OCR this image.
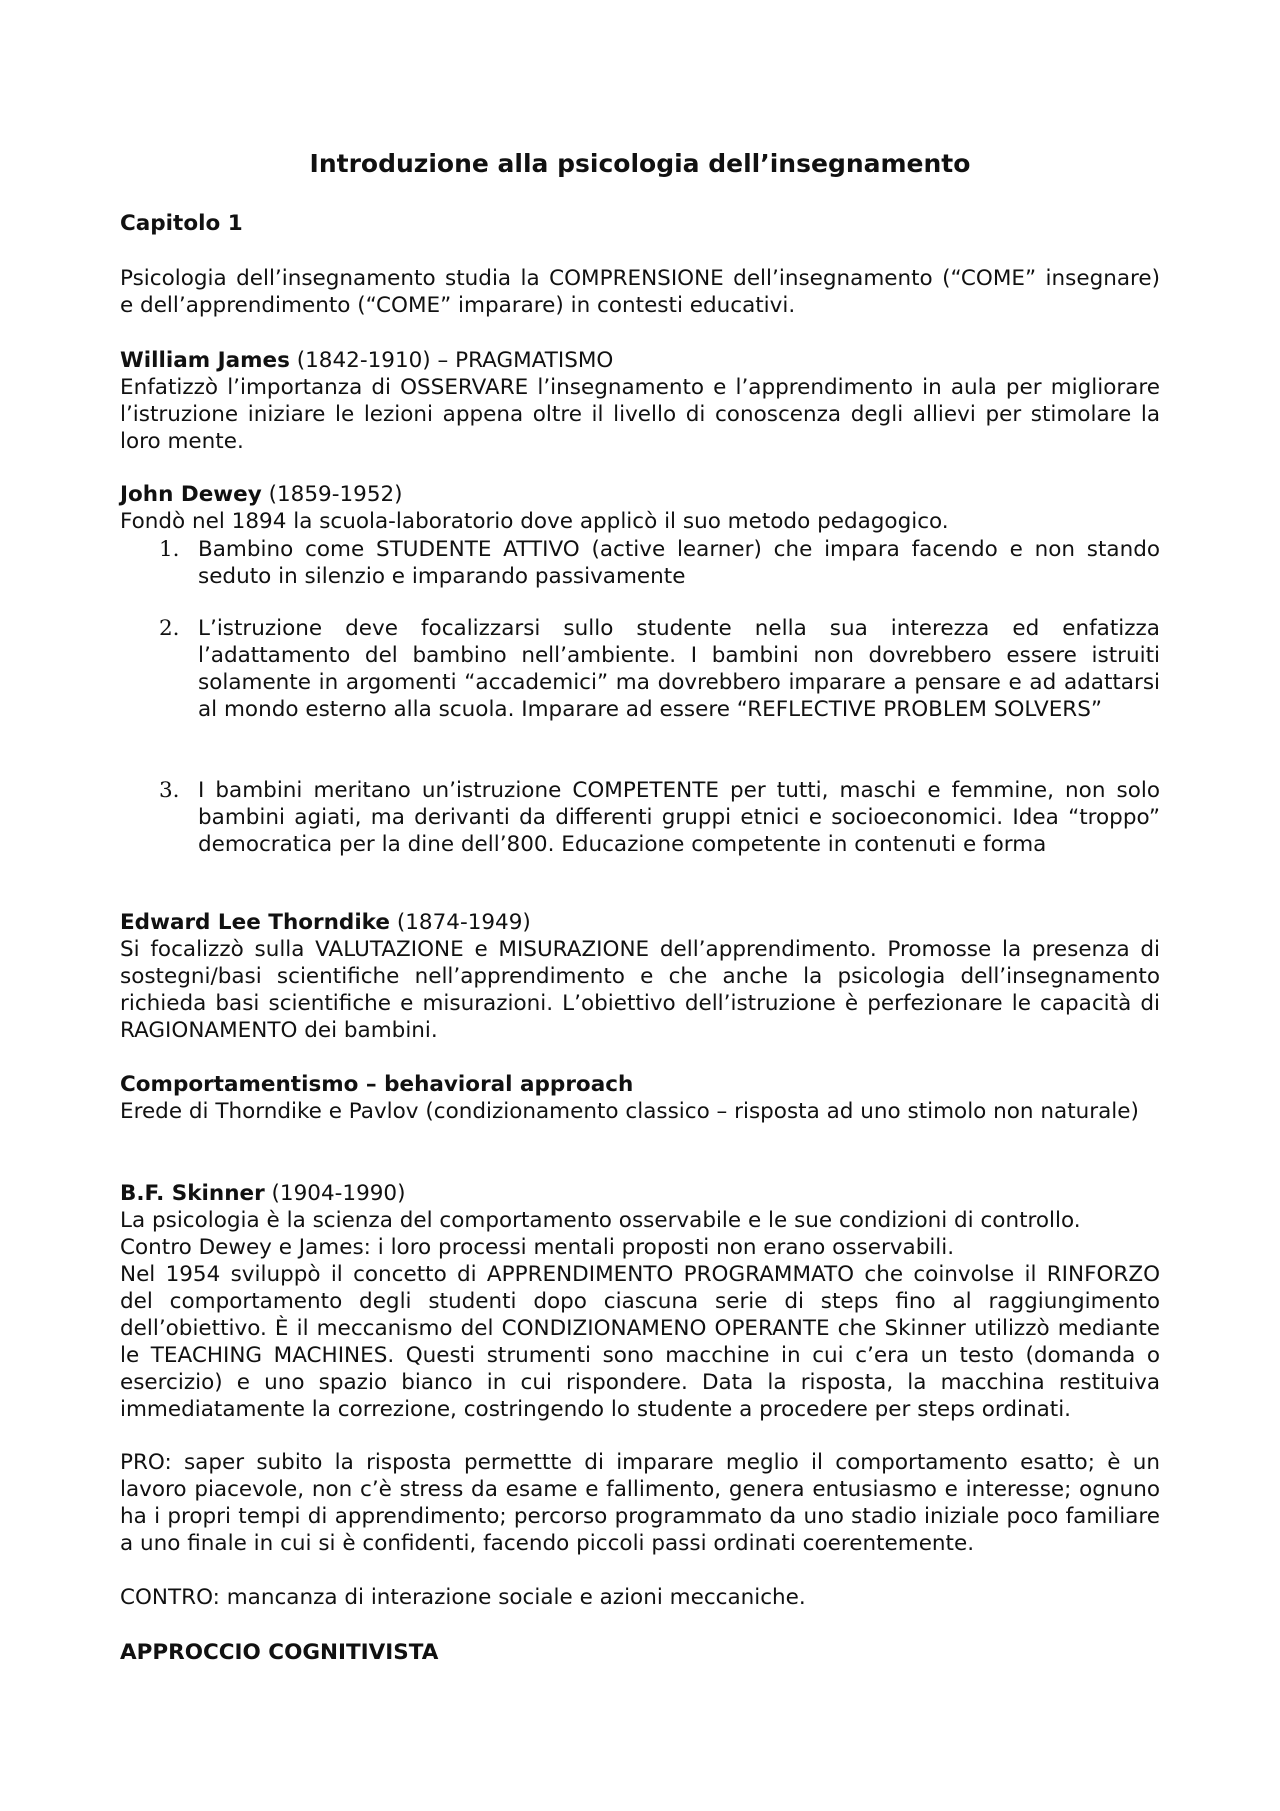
Introduzione alla psicologia dell’insegnamento
Capitolo 1
Psicologia dell’insegnamento studia la COMPRENSIONE dell’insegnamento (“COME” insegnare) e dell’apprendimento (“COME” imparare) in contesti educativi.
William James (1842-1910) – PRAGMATISMO
Enfatizzò l’importanza di OSSERVARE l’insegnamento e l’apprendimento in aula per migliorare l’istruzione iniziare le lezioni appena oltre il livello di conoscenza degli allievi per stimolare la loro mente.
John Dewey (1859-1952)
Fondò nel 1894 la scuola-laboratorio dove applicò il suo metodo pedagogico.
1. Bambino come STUDENTE ATTIVO (active learner) che impara facendo e non stando seduto in silenzio e imparando passivamente
2. L’istruzione deve focalizzarsi sullo studente nella sua interezza ed enfatizza l’adattamento del bambino nell’ambiente. I bambini non dovrebbero essere istruiti solamente in argomenti “accademici” ma dovrebbero imparare a pensare e ad adattarsi al mondo esterno alla scuola. Imparare ad essere “REFLECTIVE PROBLEM SOLVERS”
3. I bambini meritano un’istruzione COMPETENTE per tutti, maschi e femmine, non solo bambini agiati, ma derivanti da differenti gruppi etnici e socioeconomici. Idea “troppo” democratica per la dine dell’800. Educazione competente in contenuti e forma
Edward Lee Thorndike (1874-1949)
Si focalizzò sulla VALUTAZIONE e MISURAZIONE dell’apprendimento. Promosse la presenza di sostegni/basi scientifiche nell’apprendimento e che anche la psicologia dell’insegnamento richieda basi scientifiche e misurazioni. L’obiettivo dell’istruzione è perfezionare le capacità di RAGIONAMENTO dei bambini.
Comportamentismo – behavioral approach
Erede di Thorndike e Pavlov (condizionamento classico – risposta ad uno stimolo non naturale)
B.F. Skinner (1904-1990)
La psicologia è la scienza del comportamento osservabile e le sue condizioni di controllo.
Contro Dewey e James: i loro processi mentali proposti non erano osservabili.
Nel 1954 sviluppò il concetto di APPRENDIMENTO PROGRAMMATO che coinvolse il RINFORZO del comportamento degli studenti dopo ciascuna serie di steps fino al raggiungimento dell’obiettivo. È il meccanismo del CONDIZIONAMENO OPERANTE che Skinner utilizzò mediante le TEACHING MACHINES. Questi strumenti sono macchine in cui c’era un testo (domanda o esercizio) e uno spazio bianco in cui rispondere. Data la risposta, la macchina restituiva immediatamente la correzione, costringendo lo studente a procedere per steps ordinati.
PRO: saper subito la risposta permettte di imparare meglio il comportamento esatto; è un lavoro piacevole, non c’è stress da esame e fallimento, genera entusiasmo e interesse; ognuno ha i propri tempi di apprendimento; percorso programmato da uno stadio iniziale poco familiare a uno finale in cui si è confidenti, facendo piccoli passi ordinati coerentemente.
CONTRO: mancanza di interazione sociale e azioni meccaniche.
APPROCCIO COGNITIVISTA
